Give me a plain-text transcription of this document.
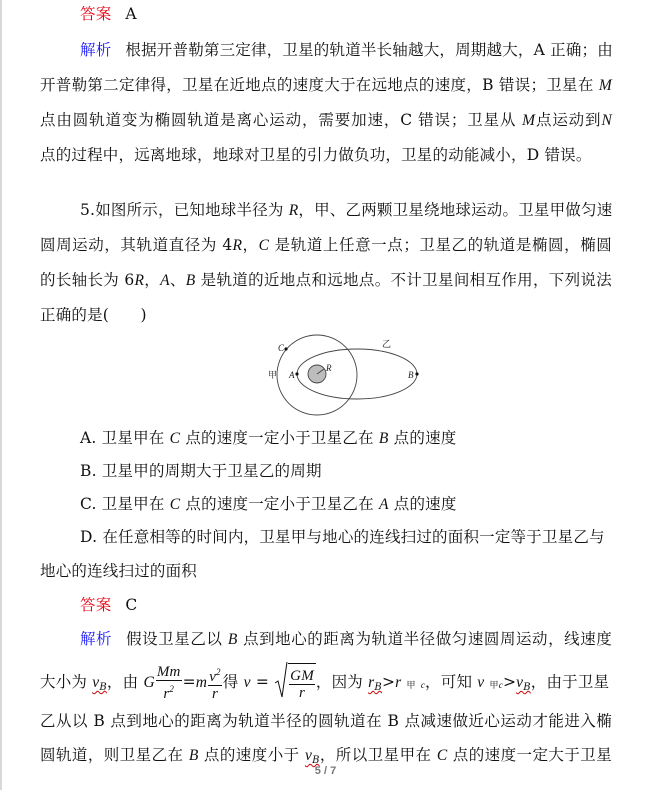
答案 A
解析 根据开普勒第三定律，卫星的轨道半长轴越大，周期越大，A 正确；由
开普勒第二定律得，卫星在近地点的速度大于在远地点的速度，B 错误；卫星在 M
点由圆轨道变为椭圆轨道是离心运动，需要加速，C 错误；卫星从 M点运动到N
点的过程中，远离地球，地球对卫星的引力做负功，卫星的动能减小，D 错误。
5.如图所示，已知地球半径为 R，甲、乙两颗卫星绕地球运动。卫星甲做匀速
圆周运动，其轨道直径为 4R，C 是轨道上任意一点；卫星乙的轨道是椭圆，椭圆
的长轴长为 6R，A、B 是轨道的近地点和远地点。不计卫星间相互作用，下列说法
正确的是(　　)
C
甲 A
R
乙
B
A. 卫星甲在 C 点的速度一定小于卫星乙在 B 点的速度
B. 卫星甲的周期大于卫星乙的周期
C. 卫星甲在 C 点的速度一定小于卫星乙在 A 点的速度
D. 在任意相等的时间内，卫星甲与地心的连线扫过的面积一定等于卫星乙与
地心的连线扫过的面积
答案 C
解析 假设卫星乙以 B 点到地心的距离为轨道半径做匀速圆周运动，线速度
大小为 $v_B$，由 G $\frac{Mm}{r^2} =m \frac{v^2}{r}$ 得 $v = \frac{GM}{r}$ ，因为 $r_B>r$ 甲 c，可知 v 甲$c>v_B$，由于卫星
乙从以 B 点到地心的距离为轨道半径的圆轨道在 B 点减速做近心运动才能进入椭
圆轨道，则卫星乙在 B 点的速度小于 $v_B$，所以卫星甲在 C 点的速度一定大于卫星
5 / 7
